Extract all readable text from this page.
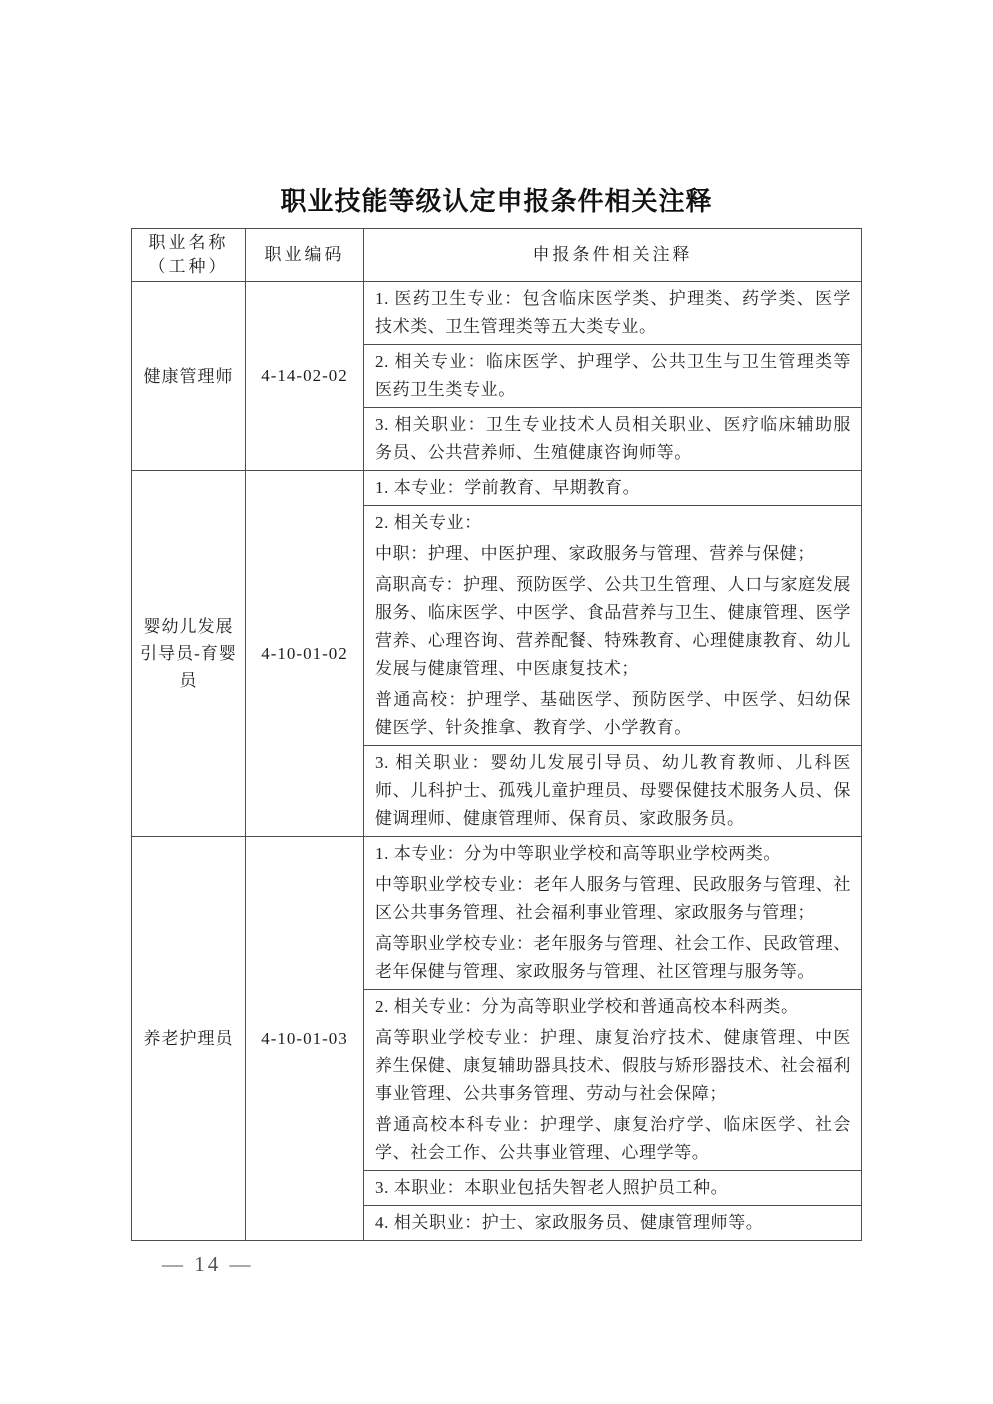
职业技能等级认定申报条件相关注释
职业名称
（工种）	职业编码	申报条件相关注释
健康管理师	4-14-02-02	1. 医药卫生专业：包含临床医学类、护理类、药学类、医学技术类、卫生管理类等五大类专业。

2. 相关专业：临床医学、护理学、公共卫生与卫生管理类等医药卫生类专业。

3. 相关职业：卫生专业技术人员相关职业、医疗临床辅助服 务员、公共营养师、生殖健康咨询师等。

婴幼儿发展引导员-育婴员	4-10-01-02	

1. 本专业：学前教育、早期教育。

2. 相关专业：

中职：护理、中医护理、家政服务与管理、营养与保健；

高职高专：护理、预防医学、公共卫生管理、人口与家庭发展服务、临床医学、中医学、食品营养与卫生、健康管理、医学营养、心理咨询、营养配餐、特殊教育、心理健康教育、幼儿发展与健康管理、中医康复技术；

普通高校：护理学、基础医学、预防医学、中医学、妇幼保 健医学、针灸推拿、教育学、小学教育。

3. 相关职业：婴幼儿发展引导员、幼儿教育教师、儿科医师、儿科护士、孤残儿童护理员、母婴保健技术服务人员、保健调理师、健康管理师、保育员、家政服务员。

养老护理员	4-10-01-03	

1. 本专业：分为中等职业学校和高等职业学校两类。

中等职业学校专业：老年人服务与管理、民政服务与管理、社区公共事务管理、社会福利事业管理、家政服务与管理；

高等职业学校专业：老年服务与管理、社会工作、民政管理、老年保健与管理、家政服务与管理、社区管理与服务等。

2. 相关专业：分为高等职业学校和普通高校本科两类。

高等职业学校专业：护理、康复治疗技术、健康管理、中医 养生保健、康复辅助器具技术、假肢与矫形器技术、社会福利 事业管理、公共事务管理、劳动与社会保障；

普通高校本科专业：护理学、康复治疗学、临床医学、社会 学、社会工作、公共事业管理、心理学等。

3. 本职业：本职业包括失智老人照护员工种。

4. 相关职业：护士、家政服务员、健康管理师等。

— 14 —
